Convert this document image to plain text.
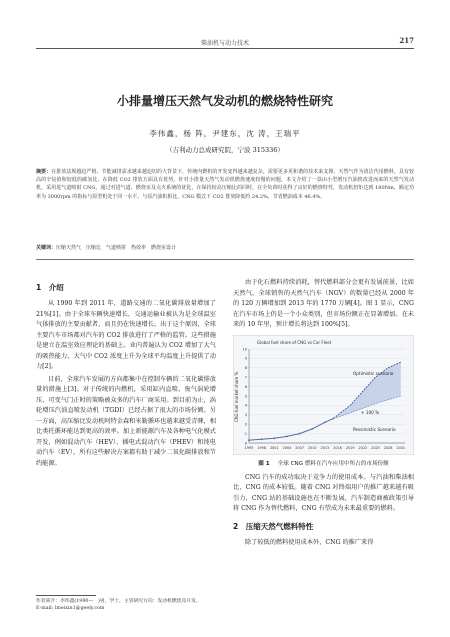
柴油机与动力技术	217
小排量增压天然气发动机的燃烧特性研究
李伟鑫，杨 阵，尹建东，沈 涛，王瑞平
（吉利动力总成研究院，宁波 315336）
摘要：在排放法规越趋严格、节能减排需求越来越迫切的大背景下，传统内燃机的开发变得越来越复杂，需要更多更和谐的技术来支撑。天然气作为清洁代用燃料，具有较高的辛烷值和较低的碳氢比，在降低 CO2 排放方面具有优势。针对小排量天然气发动机燃烧速度较慢的问题，本文介绍了一款由小型增压汽油机改进而来的天然气发动机。采用进气道喷射 CNG，通过对进气道、燃烧室及点火系统的优化，在保持较高压缩比的同时，在全负荷时获得了良好的燃烧特性，发动机扭矩达到 180Nm，额定功率为 3000rpm 的指标与原型机处于同一水平。与原汽油机相比，CNG 模式下 CO2 排放降低约 24.2%，节省燃油成本 46.4%。
关键词：压缩天然气　压缩比　气道喷射　热效率　燃烧室设计
1　介绍

从 1990 年到 2011 年，道路交通的二氧化碳排放量增加了 21%[1]。由于全球车辆快速增长，交通运输业被认为是全球温室气体排放的主要贡献者，而且仍在快速增长。出于这个原因，全球主要汽车市场都对汽车的 CO2 排放进行了严格的监管。这些措施是建立在温室效应理论的基础上。业内普遍认为 CO2 增加了大气的吸热能力，大气中 CO2 浓度上升为全球平均温度上升提供了动力[2]。

目前，全球汽车发展的方向都集中在控制车辆的二氧化碳排放量的措施上[3]。对于传统的内燃机，采用缸内直喷、废气涡轮增压、可变气门正时的策略被众多的汽车厂商采用。到目前为止，涡轮增压汽油直喷发动机（TGDI）已经占据了很大的市场份额。另一方面，高压缩比发动机阿特金森和米勒循环也越来越受青睐，相比类托循环能达到更高的效率。加上新能源汽车及各种电气化模式开发，例如混动汽车（HEV）、插电式混动汽车（PHEV）和纯电动汽车（EV），所有这些解决方案都有助于减少二氧化碳排放和节约能源。

由于化石燃料持续消耗，替代燃料部分会更有发展前景，比如天然气。全球销售的天然气汽车（NGV）的数量已经从 2000 年的 120 万辆增加到 2013 年的 1770 万辆[4]。图 1 显示，CNG 在汽车市场上仍是一个小众类别，但市场份额正在显著增加。在未来的 10 年里，预计增长将达到 100%[5]。

Global fuel share of CNG vs Car Fleet
CNG fuel market share %
0
1
2
3
4
5
6
7
8
9
10
1995 1998 2001 2004 2007 2010 2013 2016 2019 2022 2025 2028 2031
Optimistic scenario
+ 100 %
Pessimistic Scenario
图 1 全球 CNG 燃料在汽车应用中所占的市场份额

CNG 汽车的成功取决于竞争力的使用成本。与汽油和柴油相比，CNG 的成本较低。随着 CNG 对终端用户的推广越来越有吸引力，CNG 站的基础设施也在不断发展，汽车制造商被政策引导将 CNG 作为替代燃料，CNG 有望成为未来最重要的燃料。

2　压缩天然气燃料特性

除了较低的燃料使用成本外，CNG 的推广来得

作者简介：李伟鑫(1990—　)男，学士，主管研究方向：发动机燃烧及开发。
E-mail: lmeixin1@geely.com
